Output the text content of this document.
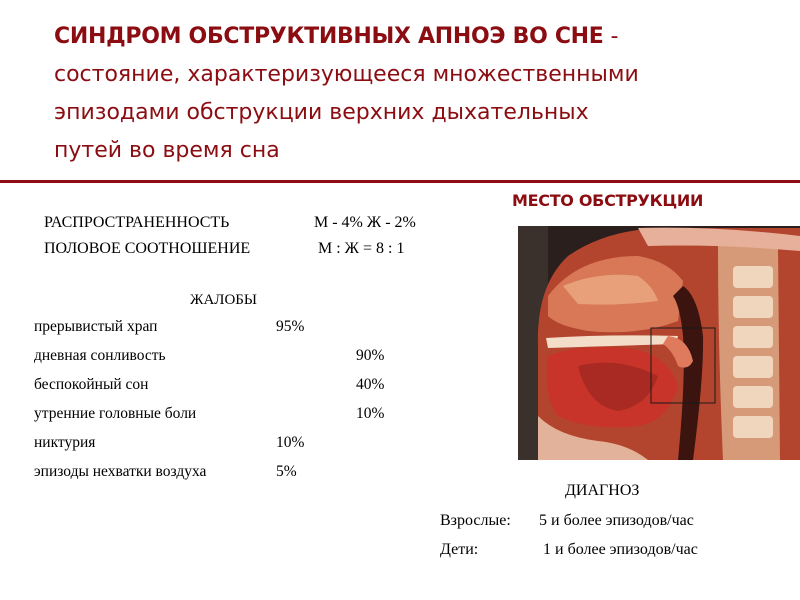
СИНДРОМ ОБСТРУКТИВНЫХ АПНОЭ ВО СНЕ -
состояние, характеризующееся множественными
эпизодами обструкции верхних дыхательных
путей во время сна
РАСПРОСТРАНЕННОСТЬ	М - 4% Ж - 2%
ПОЛОВОЕ СООТНОШЕНИЕ	М : Ж = 8 : 1
ЖАЛОБЫ
прерывистый храп	95%
дневная сонливость	90%
беспокойный сон	40%
утренние головные боли	10%
никтурия	10%
эпизоды нехватки воздуха	5%
МЕСТО ОБСТРУКЦИИ
ДИАГНОЗ
Взрослые: 5 и более эпизодов/час
Дети:	1 и более эпизодов/час
